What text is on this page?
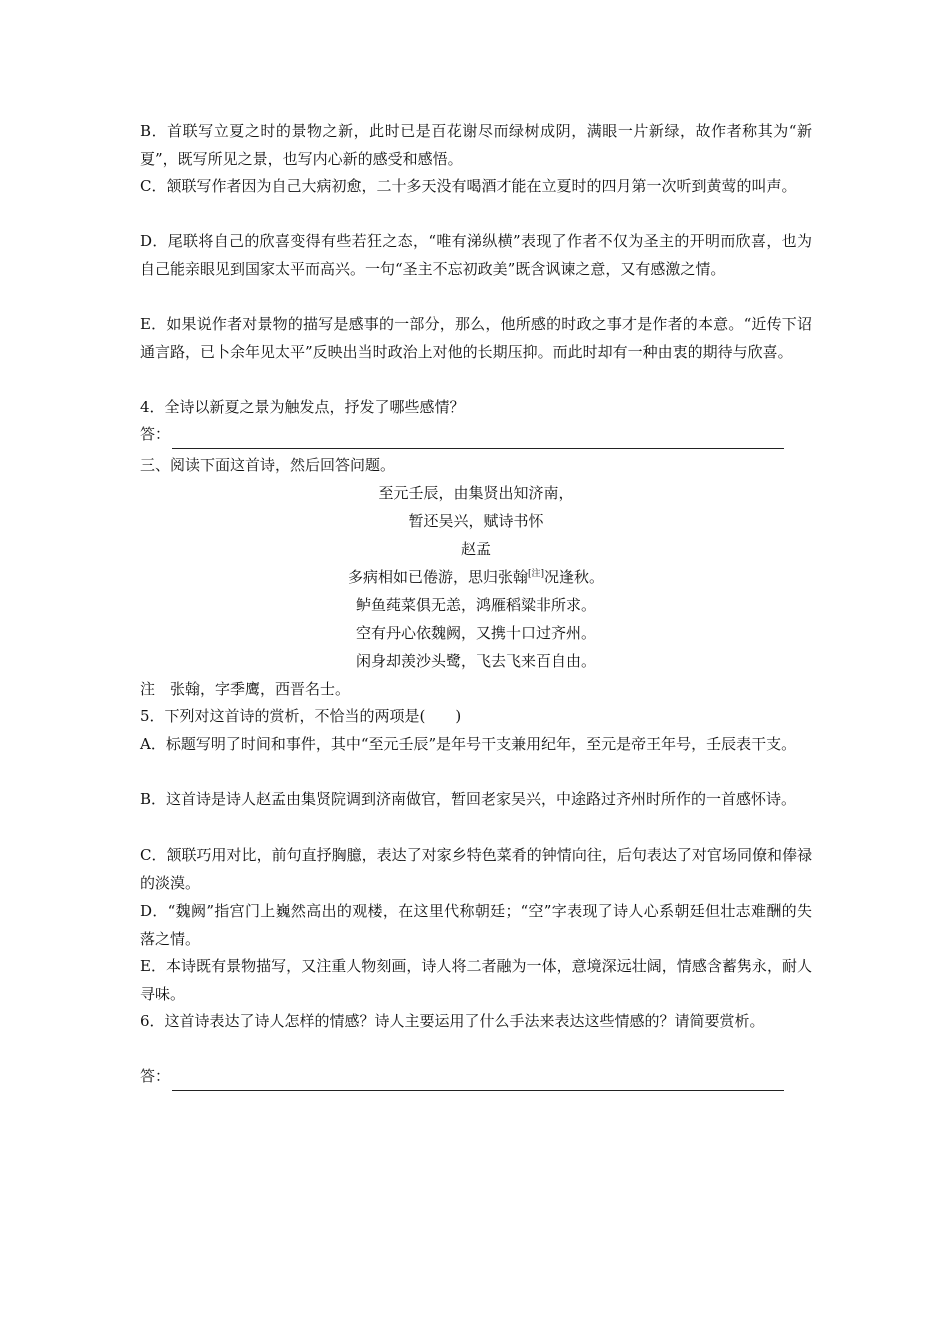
B．首联写立夏之时的景物之新，此时已是百花谢尽而绿树成阴，满眼一片新绿，故作者称其为“新夏”，既写所见之景，也写内心新的感受和感悟。

C．颔联写作者因为自己大病初愈，二十多天没有喝酒才能在立夏时的四月第一次听到黄莺的叫声。

D．尾联将自己的欣喜变得有些若狂之态，“唯有涕纵横”表现了作者不仅为圣主的开明而欣喜，也为自己能亲眼见到国家太平而高兴。一句“圣主不忘初政美”既含讽谏之意，又有感激之情。

E．如果说作者对景物的描写是感事的一部分，那么，他所感的时政之事才是作者的本意。“近传下诏通言路，已卜余年见太平”反映出当时政治上对他的长期压抑。而此时却有一种由衷的期待与欣喜。

4．全诗以新夏之景为触发点，抒发了哪些感情？

答：

三、阅读下面这首诗，然后回答问题。

至元壬辰，由集贤出知济南，

暂还吴兴，赋诗书怀

赵孟

多病相如已倦游，思归张翰[注]况逢秋。

鲈鱼莼菜俱无恙，鸿雁稻粱非所求。

空有丹心依魏阙，又携十口过齐州。

闲身却羡沙头鹭，飞去飞来百自由。

注　张翰，字季鹰，西晋名士。

5．下列对这首诗的赏析，不恰当的两项是(　　)

A．标题写明了时间和事件，其中“至元壬辰”是年号干支兼用纪年，至元是帝王年号，壬辰表干支。

B．这首诗是诗人赵孟由集贤院调到济南做官，暂回老家吴兴，中途路过齐州时所作的一首感怀诗。

C．颔联巧用对比，前句直抒胸臆，表达了对家乡特色菜肴的钟情向往，后句表达了对官场同僚和俸禄的淡漠。

D．“魏阙”指宫门上巍然高出的观楼，在这里代称朝廷；“空”字表现了诗人心系朝廷但壮志难酬的失落之情。

E．本诗既有景物描写，又注重人物刻画，诗人将二者融为一体，意境深远壮阔，情感含蓄隽永，耐人寻味。

6．这首诗表达了诗人怎样的情感？诗人主要运用了什么手法来表达这些情感的？请简要赏析。

答：
